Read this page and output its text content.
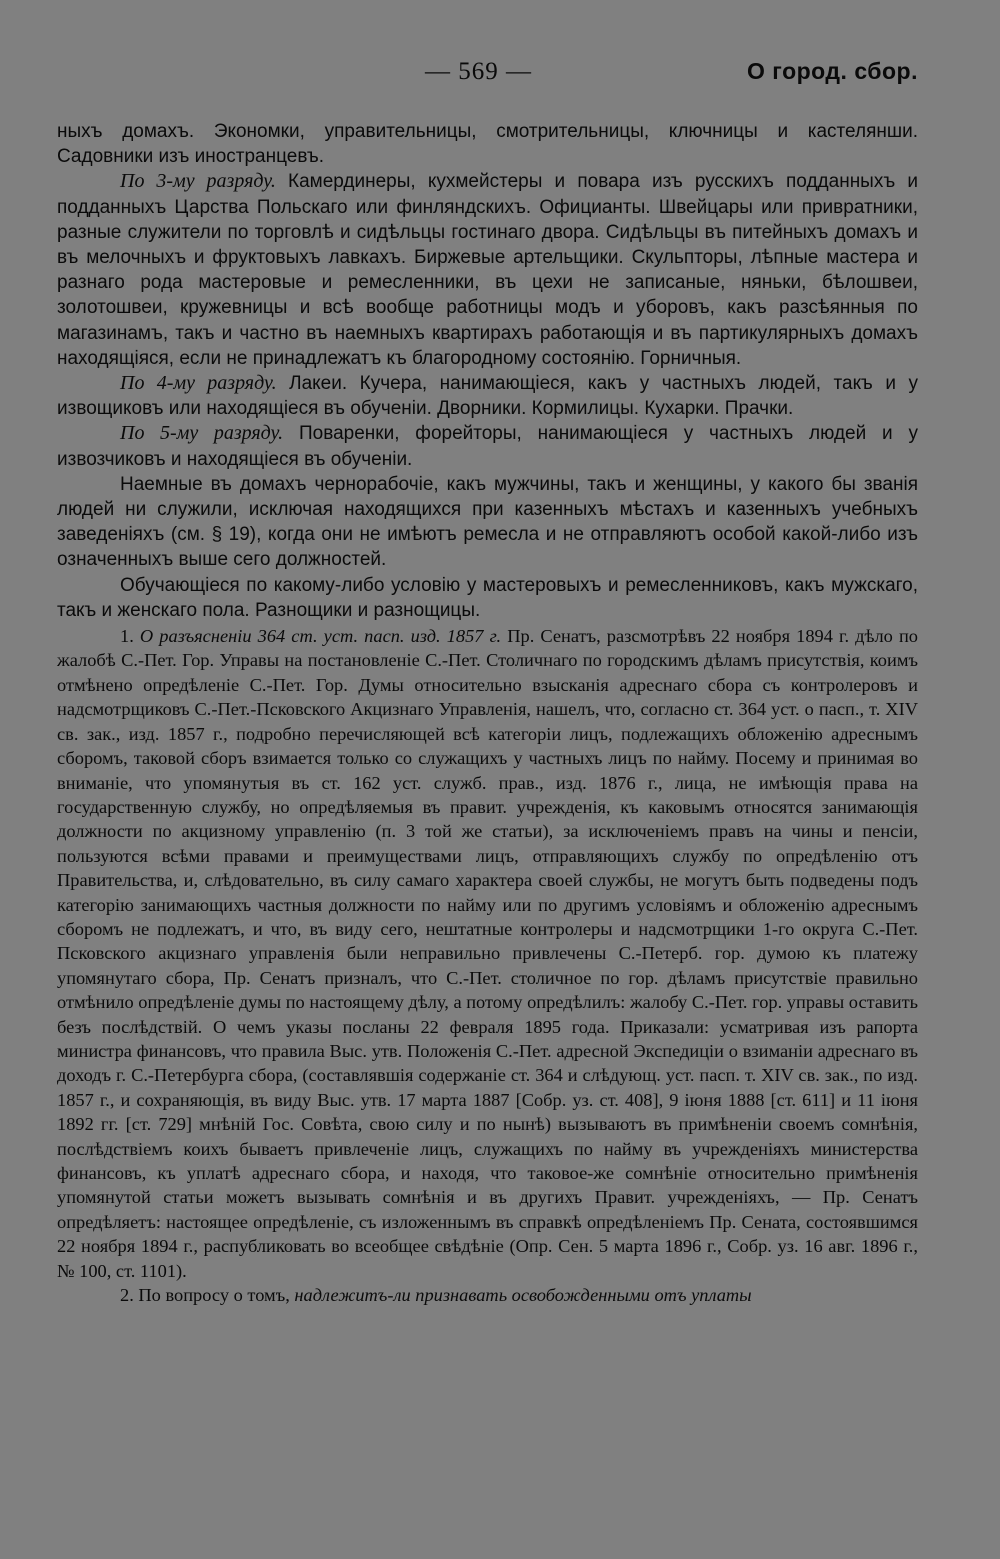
— 569 —	О город. сбор.

ныхъ домахъ. Экономки, управительницы, смотрительницы, ключницы и кастелянши. Садовники изъ иностранцевъ.

По 3-му разряду. Камердинеры, кухмейстеры и повара изъ русскихъ подданныхъ и подданныхъ Царства Польскаго или финляндскихъ. Официанты. Швейцары или привратники, разные служители по торговлѣ и сидѣльцы гостинаго двора. Сидѣльцы въ питейныхъ домахъ и въ мелочныхъ и фруктовыхъ лавкахъ. Биржевые артельщики. Скульпторы, лѣпные мастера и разнаго рода мастеровые и ремесленники, въ цехи не записаные, няньки, бѣлошвеи, золотошвеи, кружевницы и всѣ вообще работницы модъ и уборовъ, какъ разсѣянныя по магазинамъ, такъ и частно въ наемныхъ квартирахъ работающія и въ партикулярныхъ домахъ находящіяся, если не принадлежатъ къ благородному состоянію. Горничныя.

По 4-му разряду. Лакеи. Кучера, нанимающіеся, какъ у частныхъ людей, такъ и у извощиковъ или находящіеся въ обученіи. Дворники. Кормилицы. Кухарки. Прачки.

По 5-му разряду. Поваренки, форейторы, нанимающіеся у частныхъ людей и у извозчиковъ и находящіеся въ обученіи.

Наемные въ домахъ чернорабочіе, какъ мужчины, такъ и женщины, у какого бы званія людей ни служили, исключая находящихся при казенныхъ мѣстахъ и казенныхъ учебныхъ заведеніяхъ (см. § 19), когда они не имѣютъ ремесла и не отправляютъ особой какой-либо изъ означенныхъ выше сего должностей.

Обучающіеся по какому-либо условію у мастеровыхъ и ремесленниковъ, какъ мужскаго, такъ и женскаго пола. Разнощики и разнощицы.

1. О разъясненіи 364 ст. уст. пасп. изд. 1857 г. Пр. Сенатъ, разсмотрѣвъ 22 ноября 1894 г. дѣло по жалобѣ С.-Пет. Гор. Управы на постановленіе С.-Пет. Столичнаго по городскимъ дѣламъ присутствія, коимъ отмѣнено опредѣленіе С.-Пет. Гор. Думы относительно взысканія адреснаго сбора съ контролеровъ и надсмотрщиковъ С.-Пет.-Псковского Акцизнаго Управленія, нашелъ, что, согласно ст. 364 уст. о пасп., т. XIV св. зак., изд. 1857 г., подробно перечисляющей всѣ категоріи лицъ, подлежащихъ обложенію адреснымъ сборомъ, таковой сборъ взимается только со служащихъ у частныхъ лицъ по найму. Посему и принимая во вниманіе, что упомянутыя въ ст. 162 уст. служб. прав., изд. 1876 г., лица, не имѣющія права на государственную службу, но опредѣляемыя въ правит. учрежденія, къ каковымъ относятся занимающія должности по акцизному управленію (п. 3 той же статьи), за исключеніемъ правъ на чины и пенсіи, пользуются всѣми правами и преимуществами лицъ, отправляющихъ службу по опредѣленію отъ Правительства, и, слѣдовательно, въ силу самаго характера своей службы, не могутъ быть подведены подъ категорію занимающихъ частныя должности по найму или по другимъ условіямъ и обложенію адреснымъ сборомъ не подлежатъ, и что, въ виду сего, нештатные контролеры и надсмотрщики 1-го округа С.-Пет. Псковского акцизнаго управленія были неправильно привлечены С.-Петерб. гор. думою къ платежу упомянутаго сбора, Пр. Сенатъ призналъ, что С.-Пет. столичное по гор. дѣламъ присутствіе правильно отмѣнило опредѣленіе думы по настоящему дѣлу, а потому опредѣлилъ: жалобу С.-Пет. гор. управы оставить безъ послѣдствій. О чемъ указы посланы 22 февраля 1895 года. Приказали: усматривая изъ рапорта министра финансовъ, что правила Выс. утв. Положенія С.-Пет. адресной Экспедиціи о взиманіи адреснаго въ доходъ г. С.-Петербурга сбора, (составлявшія содержаніе ст. 364 и слѣдующ. уст. пасп. т. XIV св. зак., по изд. 1857 г., и сохраняющія, въ виду Выс. утв. 17 марта 1887 [Собр. уз. ст. 408], 9 іюня 1888 [ст. 611] и 11 іюня 1892 гг. [ст. 729] мнѣній Гос. Совѣта, свою силу и по нынѣ) вызываютъ въ примѣненіи своемъ сомнѣнія, послѣдствіемъ коихъ бываетъ привлеченіе лицъ, служащихъ по найму въ учрежденіяхъ министерства финансовъ, къ уплатѣ адреснаго сбора, и находя, что таковое-же сомнѣніе относительно примѣненія упомянутой статьи можетъ вызывать сомнѣнія и въ другихъ Правит. учрежденіяхъ, — Пр. Сенатъ опредѣляетъ: настоящее опредѣленіе, съ изложеннымъ въ справкѣ опредѣленіемъ Пр. Сената, состоявшимся 22 ноября 1894 г., распубликовать во всеобщее свѣдѣніе (Опр. Сен. 5 марта 1896 г., Собр. уз. 16 авг. 1896 г., № 100, ст. 1101).

2. По вопросу о томъ, надлежитъ-ли признавать освобожденными отъ уплаты
